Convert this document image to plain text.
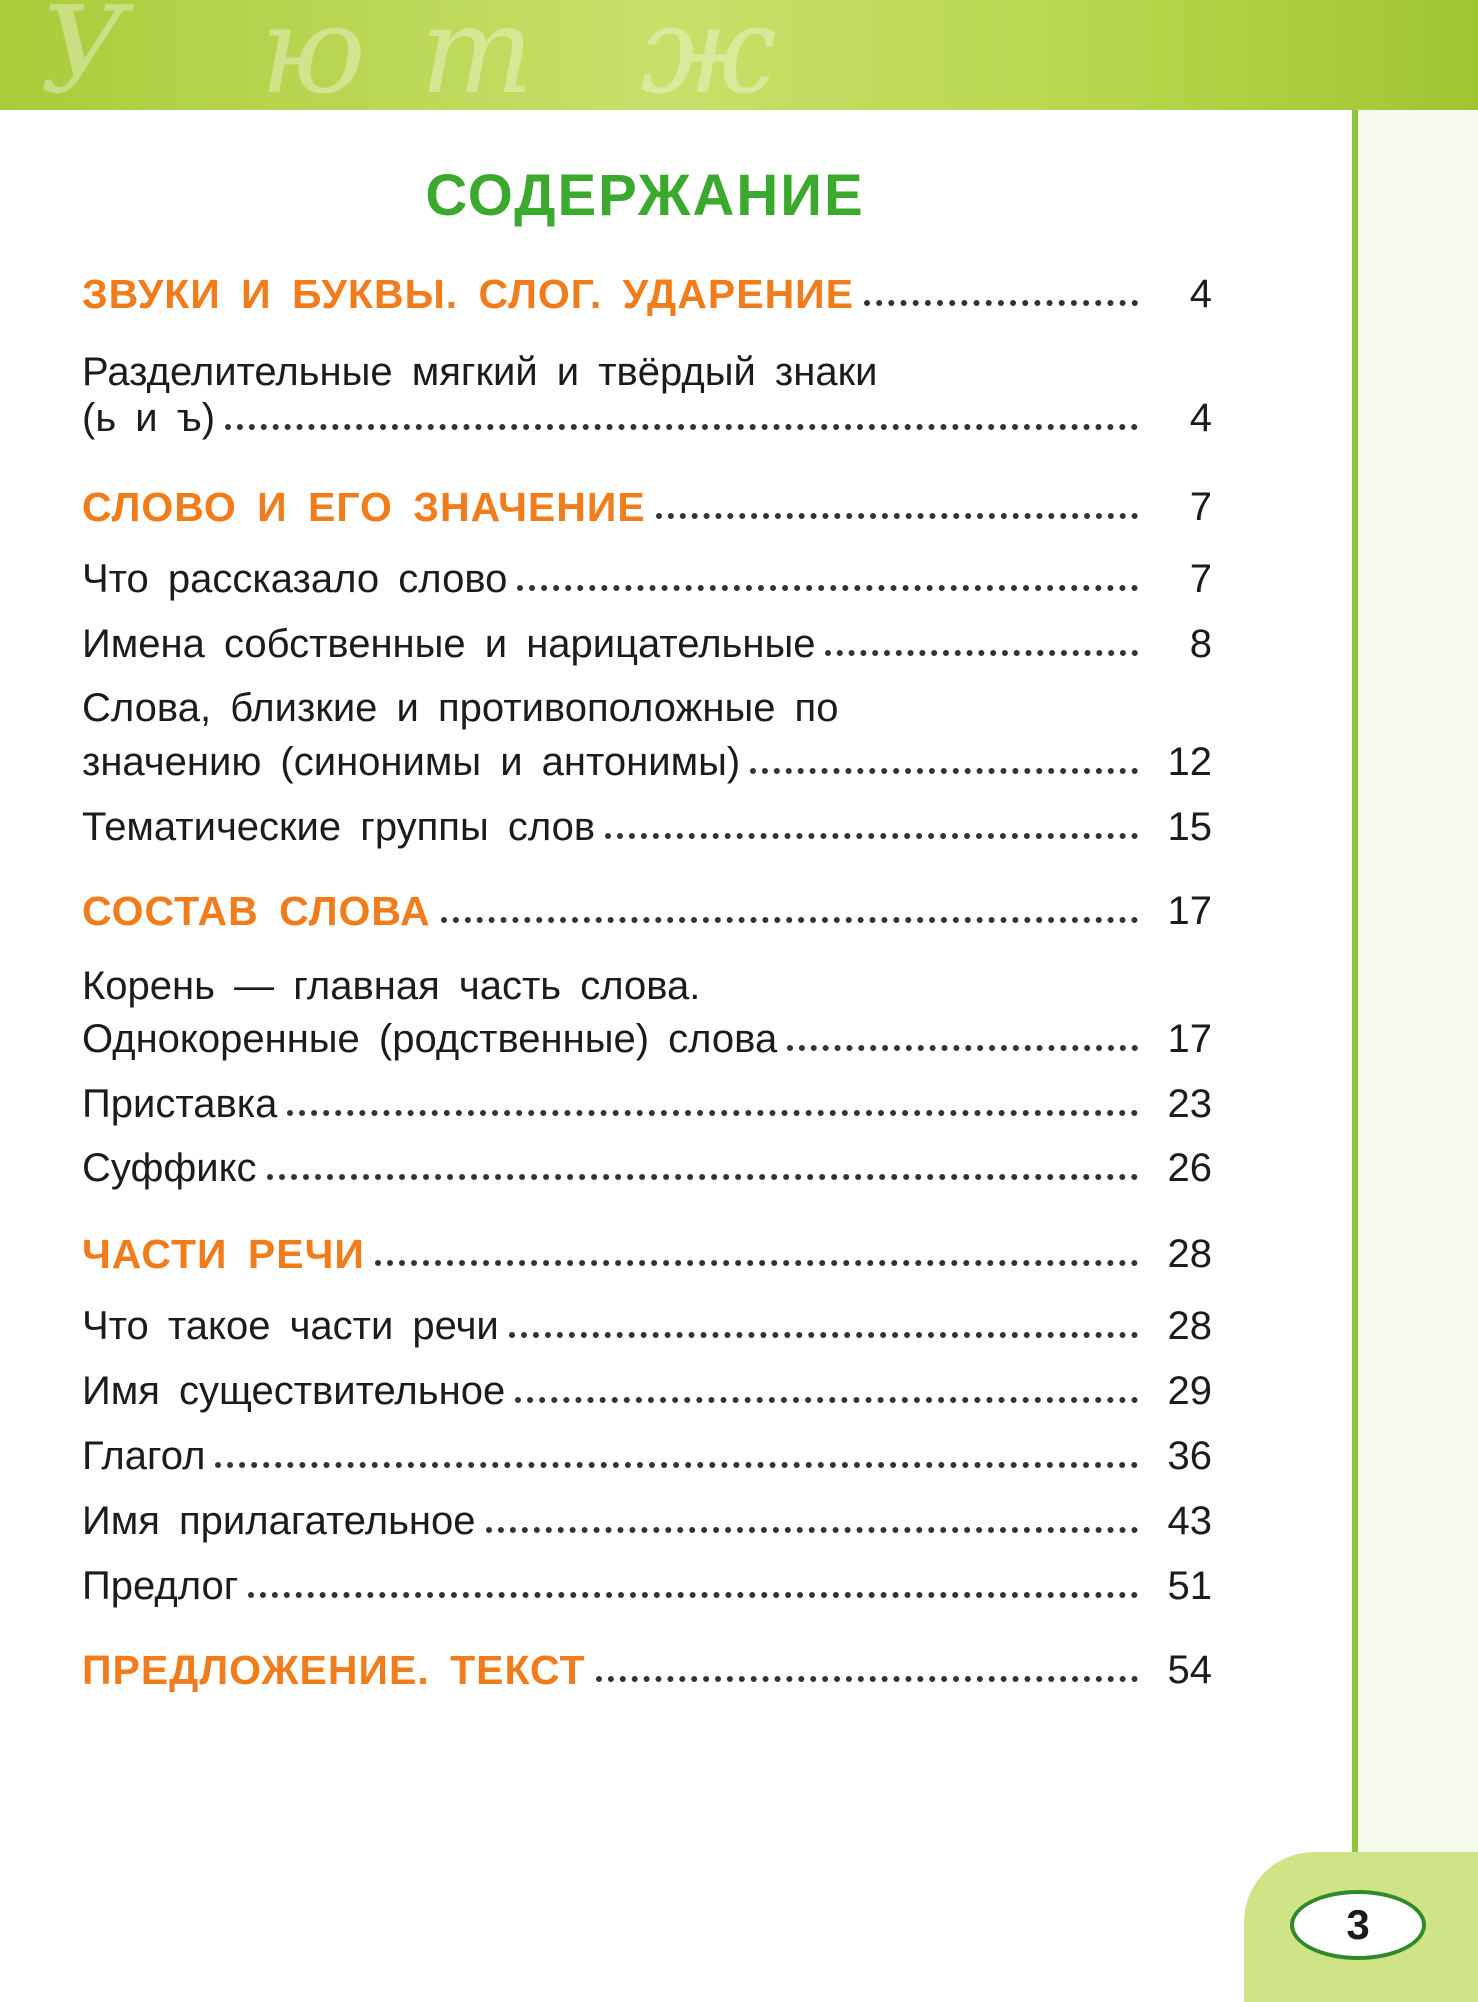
У ю т ж
3
СОДЕРЖАНИЕ
ЗВУКИ И БУКВЫ. СЛОГ. УДАРЕНИЕ	4
Разделительные мягкий и твёрдый знаки
(ь и ъ)	4
СЛОВО И ЕГО ЗНАЧЕНИЕ	7
Что рассказало слово	7
Имена собственные и нарицательные	8
Слова, близкие и противоположные по
значению (синонимы и антонимы)	12
Тематические группы слов	15
СОСТАВ СЛОВА	17
Корень — главная часть слова.
Однокоренные (родственные) слова	17
Приставка	23
Суффикс	26
ЧАСТИ РЕЧИ	28
Что такое части речи	28
Имя существительное	29
Глагол	36
Имя прилагательное	43
Предлог	51
ПРЕДЛОЖЕНИЕ. ТЕКСТ	54
